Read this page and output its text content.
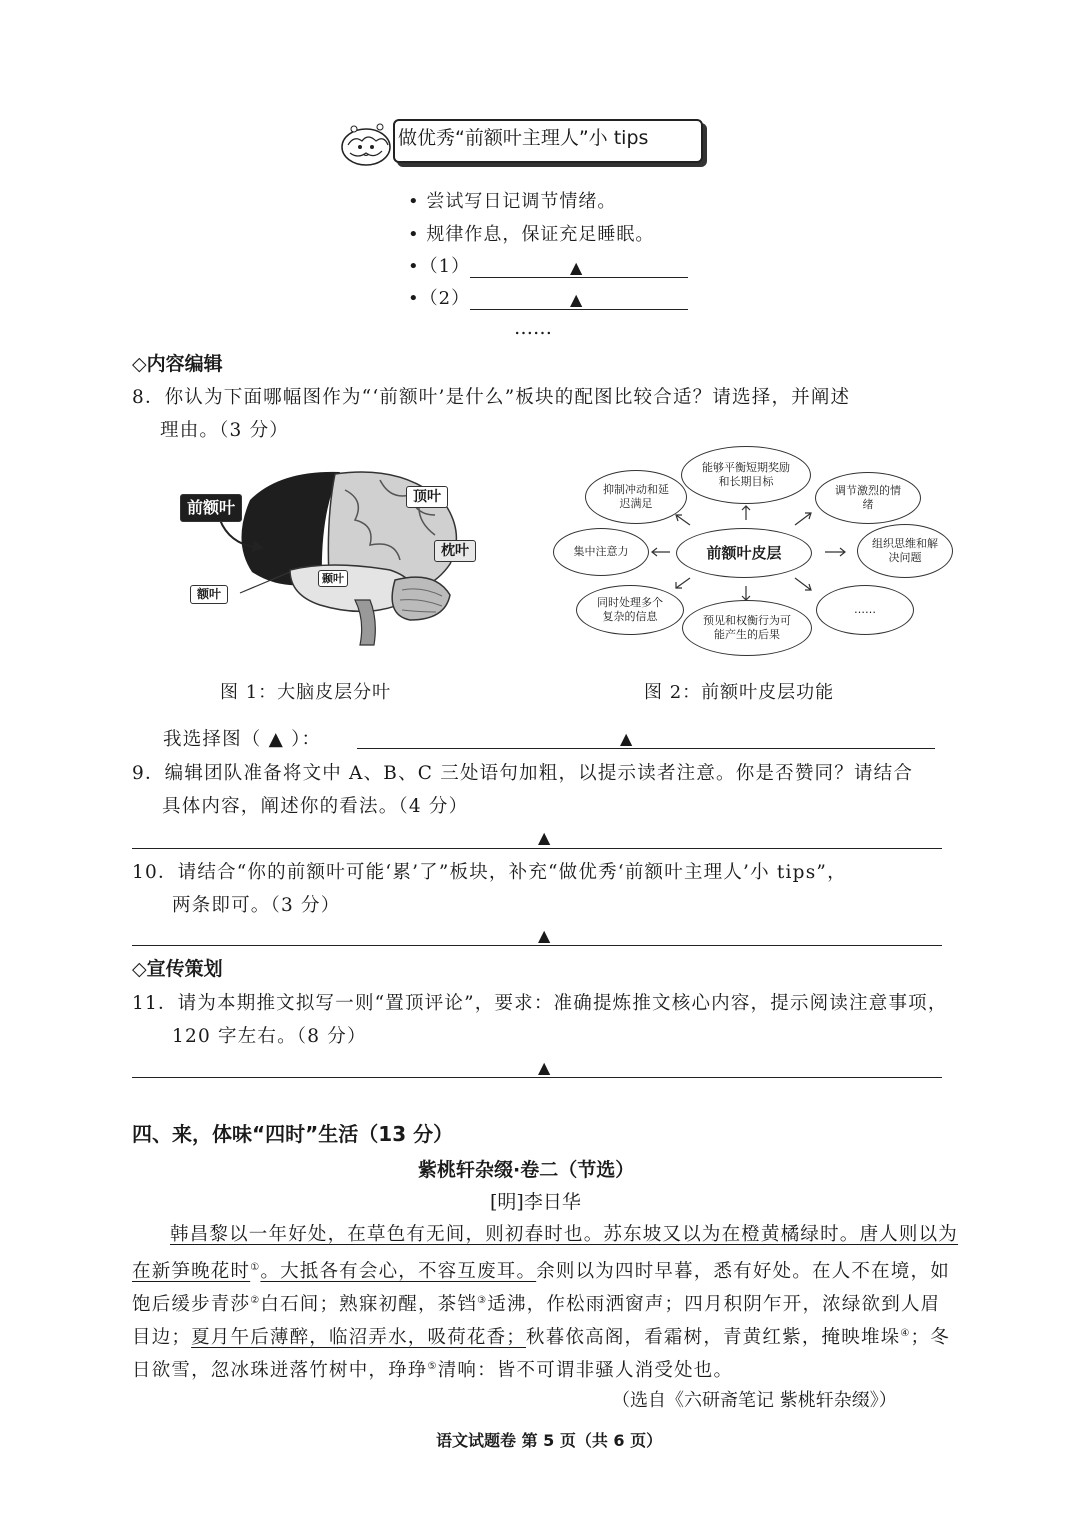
做优秀“前额叶主理人”小 tips
• 尝试写日记调节情绪。
• 规律作息，保证充足睡眠。
•（1）	▲
•（2）	▲
……
◇内容编辑
8．你认为下面哪幅图作为“‘前额叶’是什么”板块的配图比较合适？请选择，并阐述
理由。（3 分）
前额叶
顶叶
枕叶
颞叶
额叶
图 1：大脑皮层分叶
前额叶皮层
抑制冲动和延迟满足
能够平衡短期奖励和长期目标
调节激烈的情绪
集中注意力
组织思维和解决问题
同时处理多个复杂的信息	预见和权衡行为可能产生的后果
……
图 2：前额叶皮层功能
我选择图（ ▲ ）：	▲
9．编辑团队准备将文中 A、B、C 三处语句加粗，以提示读者注意。你是否赞同？请结合
具体内容，阐述你的看法。（4 分）
▲
10．请结合“你的前额叶可能‘累’了”板块，补充“做优秀‘前额叶主理人’小 tips”，
两条即可。（3 分）
▲
◇宣传策划
11．请为本期推文拟写一则“置顶评论”，要求：准确提炼推文核心内容，提示阅读注意事项，
120 字左右。（8 分）
▲
四、来，体味“四时”生活（13 分）
紫桃轩杂缀·卷二（节选）
[明]李日华
韩昌黎以一年好处，在草色有无间，则初春时也。苏东坡又以为在橙黄橘绿时。唐人则以为
在新笋晚花时①。大抵各有会心，不容互废耳。余则以为四时早暮，悉有好处。在人不在境，如
饱后缓步青莎②白石间；熟寐初醒，茶铛③适沸，作松雨洒窗声；四月积阴乍开，浓绿欲到人眉
目边；夏月午后薄醉，临沼弄水，吸荷花香；秋暮依高阁，看霜树，青黄红紫，掩映堆垛④；冬
日欲雪，忽冰珠迸落竹树中，琤琤⑤清响：皆不可谓非骚人消受处也。
（选自《六研斋笔记 紫桃轩杂缀》）
语文试题卷 第 5 页（共 6 页）
